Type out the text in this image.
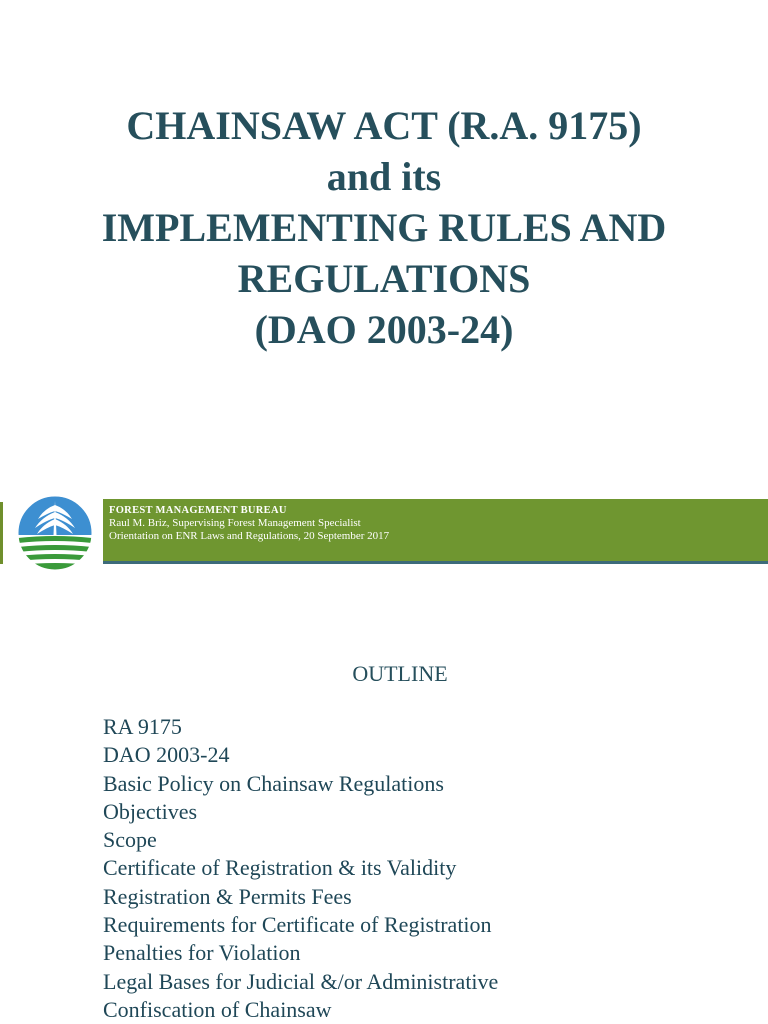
CHAINSAW ACT (R.A. 9175)
and its
IMPLEMENTING RULES AND
REGULATIONS
(DAO 2003-24)
FOREST MANAGEMENT BUREAU
Raul M. Briz, Supervising Forest Management Specialist
Orientation on ENR Laws and Regulations, 20 September 2017
OUTLINE
RA 9175
DAO 2003-24
Basic Policy on Chainsaw Regulations
Objectives
Scope
Certificate of Registration & its Validity
Registration & Permits Fees
Requirements for Certificate of Registration
Penalties for Violation
Legal Bases for Judicial &/or Administrative
Confiscation of Chainsaw
